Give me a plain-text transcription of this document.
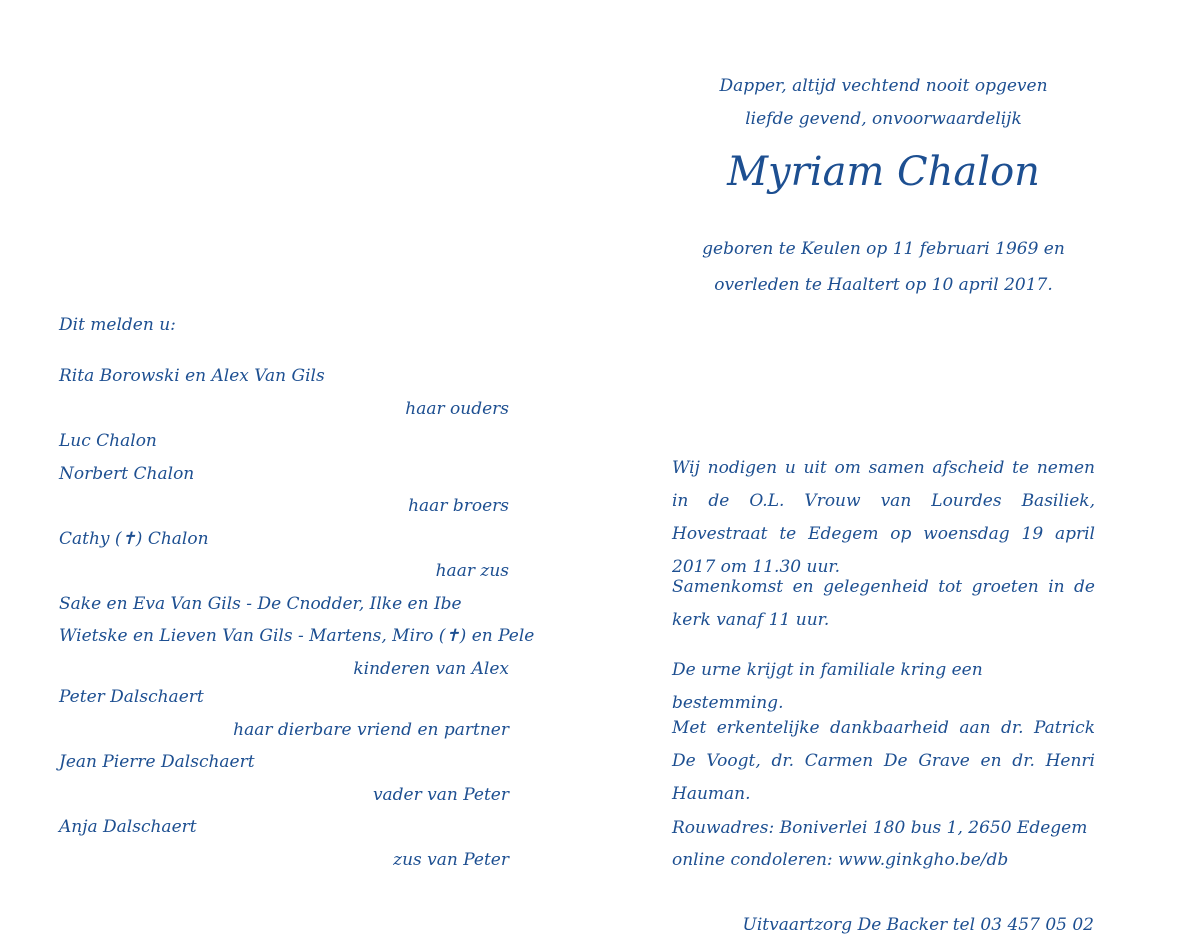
Dapper, altijd vechtend nooit opgeven
liefde gevend, onvoorwaardelijk
Myriam Chalon
geboren te Keulen op 11 februari 1969 en
overleden te Haaltert op 10 april 2017.
Dit melden u:
Rita Borowski en Alex Van Gils
haar ouders
Luc Chalon
Norbert Chalon
haar broers
Cathy (✝) Chalon
haar zus
Sake en Eva Van Gils - De Cnodder, Ilke en Ibe
Wietske en Lieven Van Gils - Martens, Miro (✝) en Pele
kinderen van Alex
Peter Dalschaert
haar dierbare vriend en partner
Jean Pierre Dalschaert
vader van Peter
Anja Dalschaert
zus van Peter
Wij nodigen u uit om samen afscheid te nemen in de O.L. Vrouw van Lourdes Basiliek, Hovestraat te Edegem op woensdag 19 april 2017 om 11.30 uur.
Samenkomst en gelegenheid tot groeten in de kerk vanaf 11 uur.
De urne krijgt in familiale kring een bestemming.
Met erkentelijke dankbaarheid aan dr. Patrick De Voogt, dr. Carmen De Grave en dr. Henri Hauman.
Rouwadres: Boniverlei 180 bus 1, 2650 Edegem
online condoleren: www.ginkgho.be/db
Uitvaartzorg De Backer tel 03 457 05 02
